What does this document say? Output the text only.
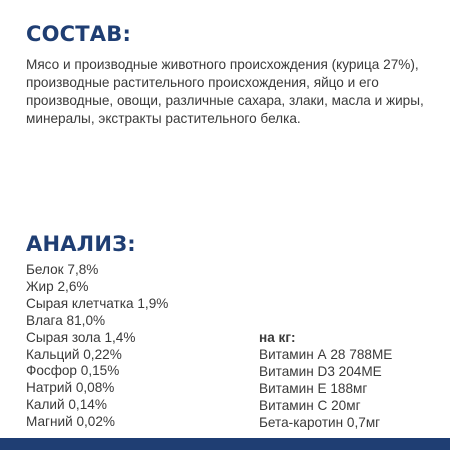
СОСТАВ:

Мясо и производные животного происхождения (курица 27%), производные растительного происхождения, яйцо и его производные, овощи, различные сахара, злаки, масла и жиры, минералы, экстракты растительного белка.

АНАЛИЗ:
Белок 7,8%
Жир 2,6%
Сырая клетчатка 1,9%
Влага 81,0%
Сырая зола 1,4%
Кальций 0,22%
Фосфор 0,15%
Натрий 0,08%
Калий 0,14%
Магний 0,02%
на кг:
Витамин А 28 788МЕ
Витамин D3 204МЕ
Витамин Е 188мг
Витамин С 20мг
Бета-каротин 0,7мг
